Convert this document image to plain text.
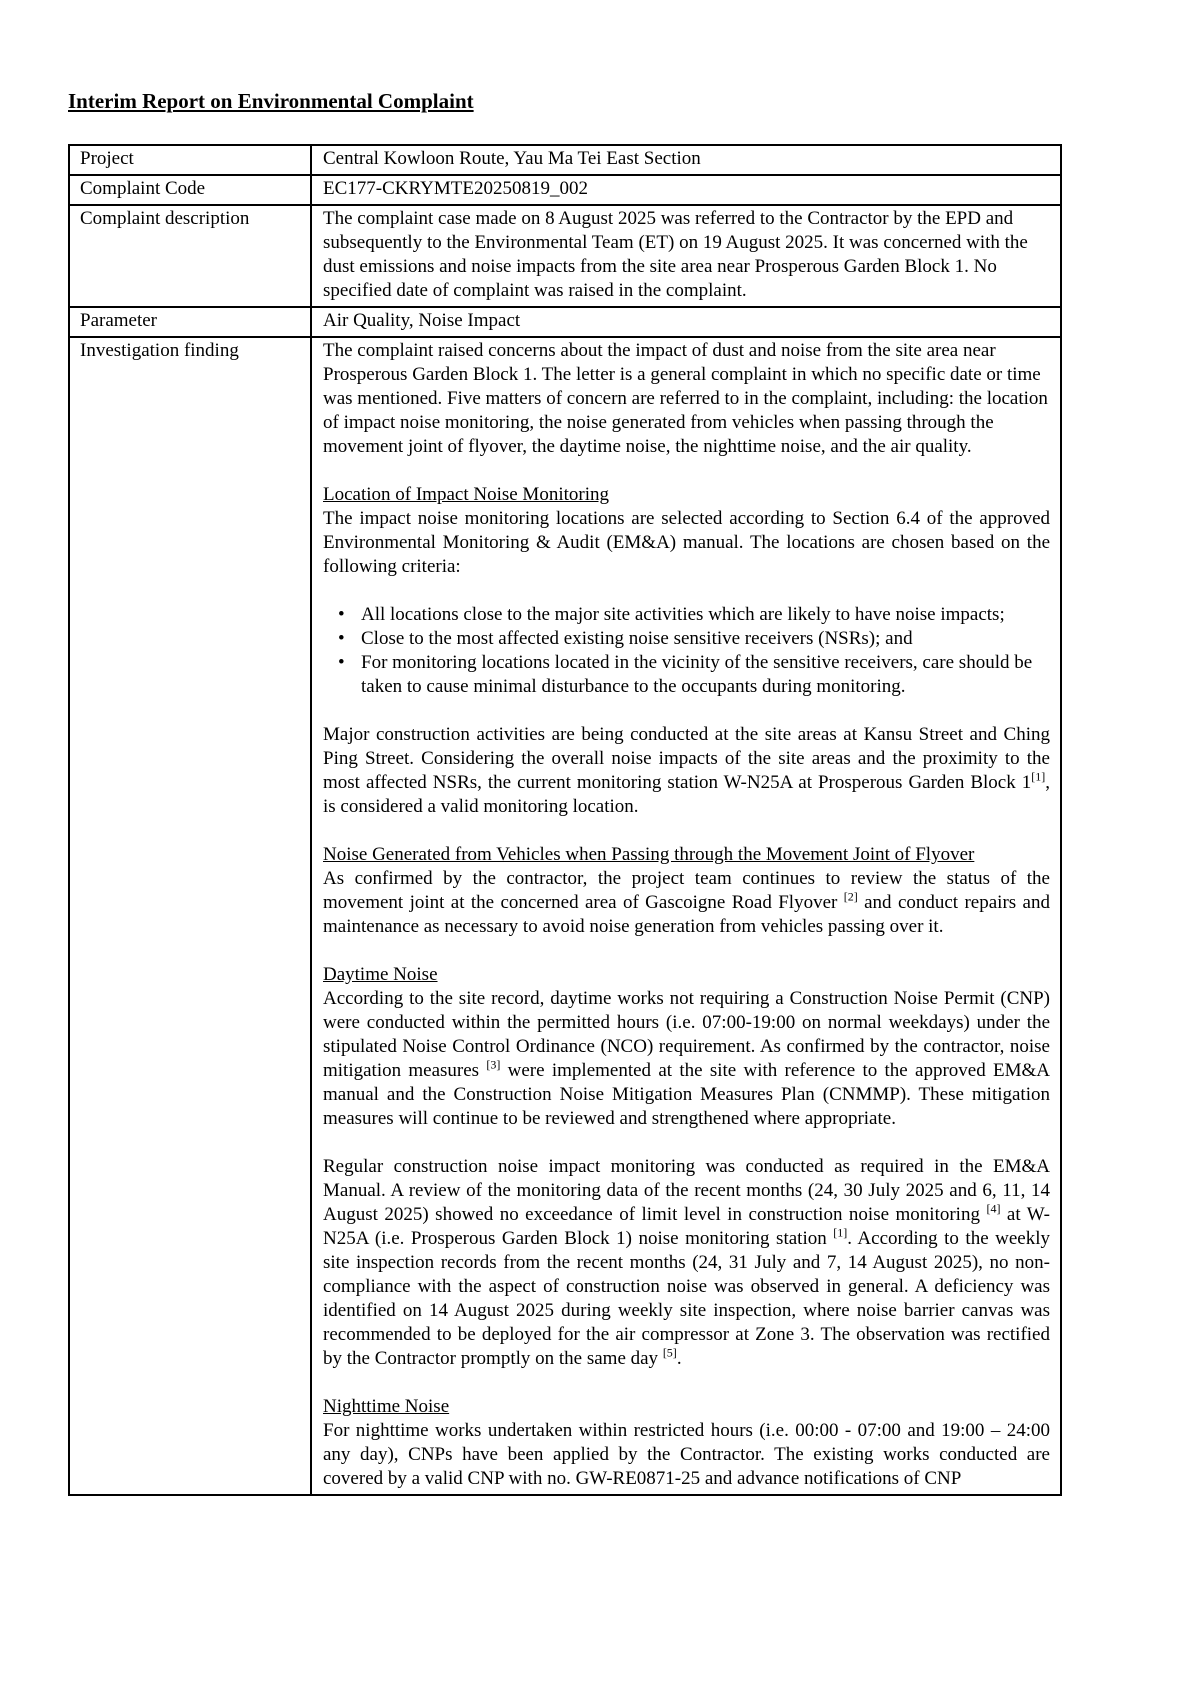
Interim Report on Environmental Complaint
Project	Central Kowloon Route, Yau Ma Tei East Section
Complaint Code	EC177-CKRYMTE20250819_002
Complaint description	The complaint case made on 8 August 2025 was referred to the Contractor by the EPD and subsequently to the Environmental Team (ET) on 19 August 2025. It was concerned with the dust emissions and noise impacts from the site area near Prosperous Garden Block 1. No specified date of complaint was raised in the complaint.
Parameter	Air Quality, Noise Impact
Investigation finding	The complaint raised concerns about the impact of dust and noise from the site area near Prosperous Garden Block 1. The letter is a general complaint in which no specific date or time was mentioned. Five matters of concern are referred to in the complaint, including: the location of impact noise monitoring, the noise generated from vehicles when passing through the movement joint of flyover, the daytime noise, the nighttime noise, and the air quality.

Location of Impact Noise Monitoring

The impact noise monitoring locations are selected according to Section 6.4 of the approved Environmental Monitoring & Audit (EM&A) manual. The locations are chosen based on the following criteria:

• All locations close to the major site activities which are likely to have noise impacts;
• Close to the most affected existing noise sensitive receivers (NSRs); and
• For monitoring locations located in the vicinity of the sensitive receivers, care should be taken to cause minimal disturbance to the occupants during monitoring.

Major construction activities are being conducted at the site areas at Kansu Street and Ching Ping Street. Considering the overall noise impacts of the site areas and the proximity to the most affected NSRs, the current monitoring station W-N25A at Prosperous Garden Block 1[1], is considered a valid monitoring location.

Noise Generated from Vehicles when Passing through the Movement Joint of Flyover

As confirmed by the contractor, the project team continues to review the status of the movement joint at the concerned area of Gascoigne Road Flyover [2] and conduct repairs and maintenance as necessary to avoid noise generation from vehicles passing over it.

Daytime Noise

According to the site record, daytime works not requiring a Construction Noise Permit (CNP) were conducted within the permitted hours (i.e. 07:00-19:00 on normal weekdays) under the stipulated Noise Control Ordinance (NCO) requirement. As confirmed by the contractor, noise mitigation measures [3] were implemented at the site with reference to the approved EM&A manual and the Construction Noise Mitigation Measures Plan (CNMMP). These mitigation measures will continue to be reviewed and strengthened where appropriate.

Regular construction noise impact monitoring was conducted as required in the EM&A Manual. A review of the monitoring data of the recent months (24, 30 July 2025 and 6, 11, 14 August 2025) showed no exceedance of limit level in construction noise monitoring [4] at W-N25A (i.e. Prosperous Garden Block 1) noise monitoring station [1]. According to the weekly site inspection records from the recent months (24, 31 July and 7, 14 August 2025), no non-compliance with the aspect of construction noise was observed in general. A deficiency was identified on 14 August 2025 during weekly site inspection, where noise barrier canvas was recommended to be deployed for the air compressor at Zone 3. The observation was rectified by the Contractor promptly on the same day [5].

Nighttime Noise

For nighttime works undertaken within restricted hours (i.e. 00:00 - 07:00 and 19:00 – 24:00 any day), CNPs have been applied by the Contractor. The existing works conducted are covered by a valid CNP with no. GW-RE0871-25 and advance notifications of CNP
